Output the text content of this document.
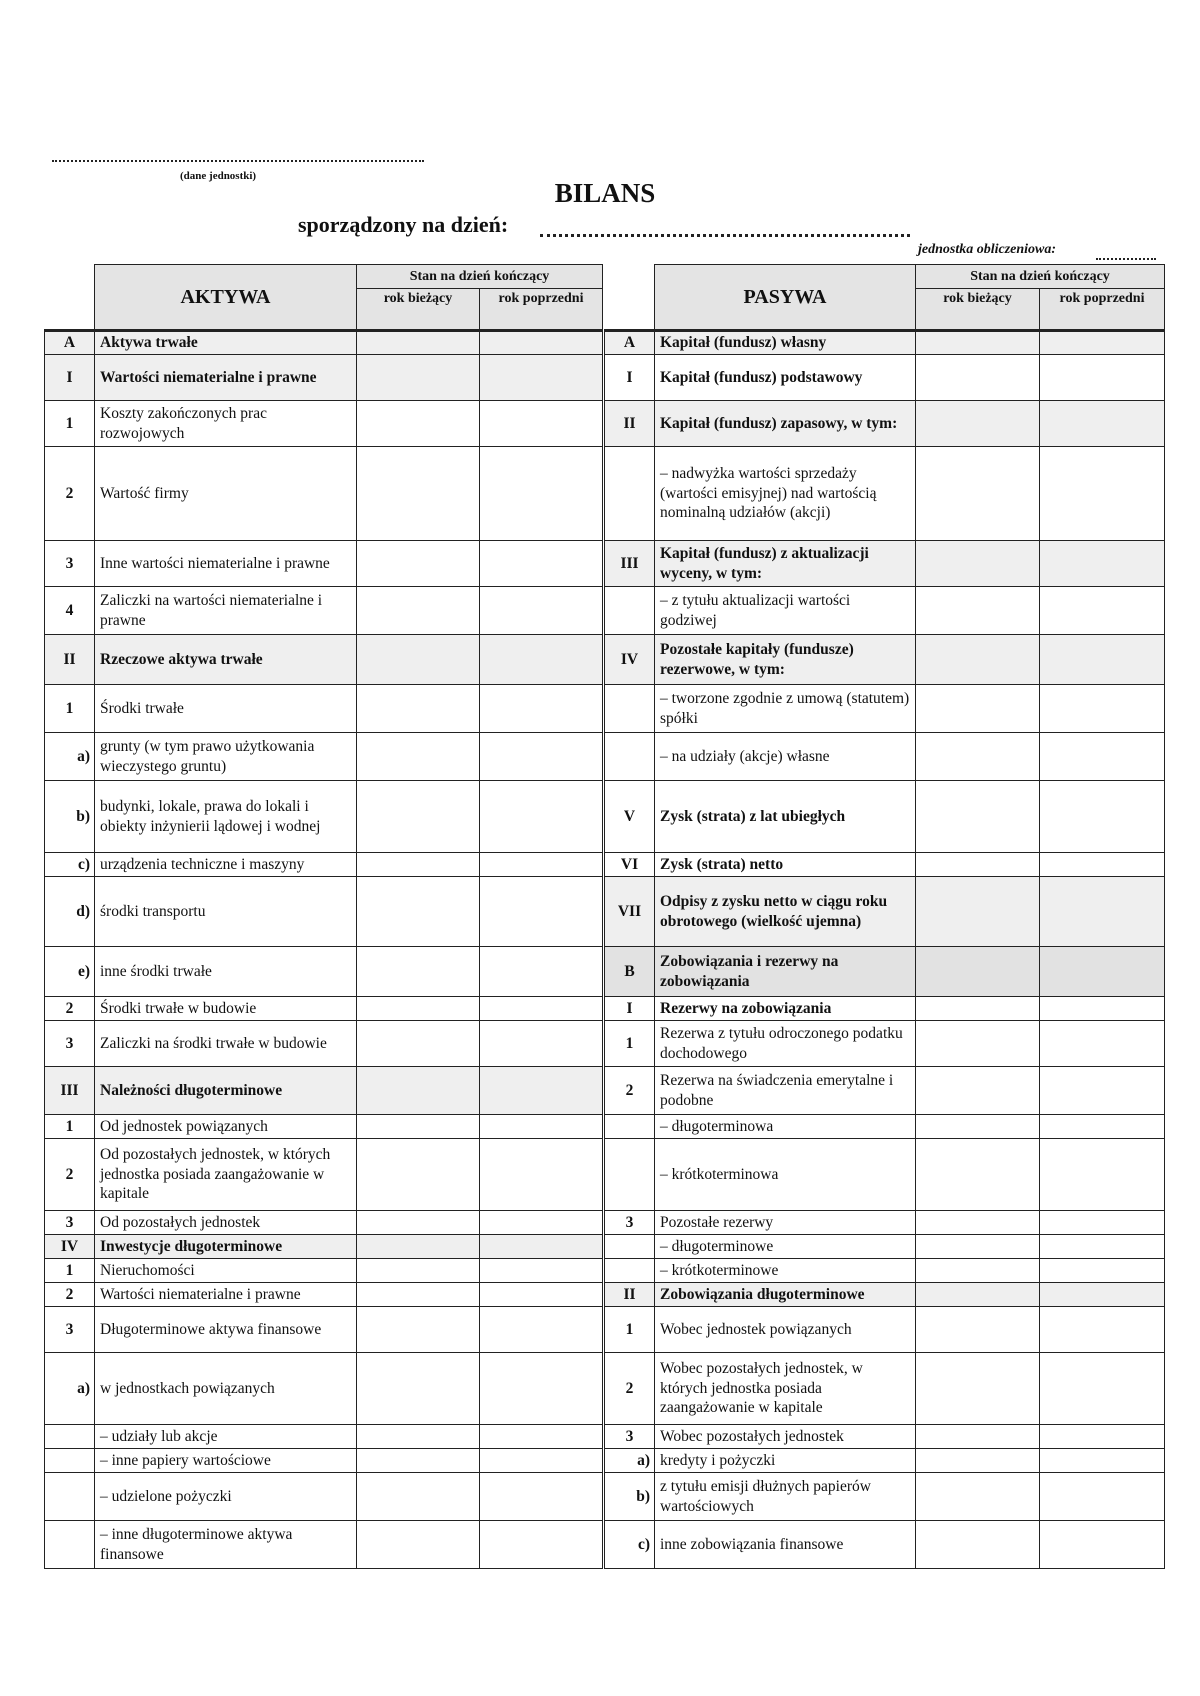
(dane jednostki)
BILANS
sporządzony na dzień:
jednostka obliczeniowa:
	AKTYWA	Stan na dzień kończący	
		rok bieżący	rok poprzedni
A	Aktywa trwałe		
I	Wartości niematerialne i prawne		
1	Koszty zakończonych prac rozwojowych		
2	Wartość firmy		
3	Inne wartości niematerialne i prawne		
4	Zaliczki na wartości niematerialne i prawne		
II	Rzeczowe aktywa trwałe		
1	Środki trwałe		
a)	grunty (w tym prawo użytkowania wieczystego gruntu)		
b)	budynki, lokale, prawa do lokali i obiekty inżynierii lądowej i wodnej		
c)	urządzenia techniczne i maszyny		
d)	środki transportu		
e)	inne środki trwałe		
2	Środki trwałe w budowie		
3	Zaliczki na środki trwałe w budowie		
III	Należności długoterminowe		
1	Od jednostek powiązanych		
2	Od pozostałych jednostek, w których jednostka posiada zaangażowanie w kapitale		
3	Od pozostałych jednostek		
IV	Inwestycje długoterminowe		
1	Nieruchomości		
2	Wartości niematerialne i prawne		
3	Długoterminowe aktywa finansowe		
a)	w jednostkach powiązanych		
	– udziały lub akcje		
	– inne papiery wartościowe		
	– udzielone pożyczki		
	– inne długoterminowe aktywa finansowe		
	PASYWA	Stan na dzień kończący	
		rok bieżący	rok poprzedni
A	Kapitał (fundusz) własny		
I	Kapitał (fundusz) podstawowy		
II	Kapitał (fundusz) zapasowy, w tym:		
	– nadwyżka wartości sprzedaży (wartości emisyjnej) nad wartością nominalną udziałów (akcji)		
III	Kapitał (fundusz) z aktualizacji wyceny, w tym:		
	– z tytułu aktualizacji wartości godziwej		
IV	Pozostałe kapitały (fundusze) rezerwowe, w tym:		
	– tworzone zgodnie z umową (statutem) spółki		
	– na udziały (akcje) własne		
V	Zysk (strata) z lat ubiegłych		
VI	Zysk (strata) netto		
VII	Odpisy z zysku netto w ciągu roku obrotowego (wielkość ujemna)		
B	Zobowiązania i rezerwy na zobowiązania		
I	Rezerwy na zobowiązania		
1	Rezerwa z tytułu odroczonego podatku dochodowego		
2	Rezerwa na świadczenia emerytalne i podobne		
	– długoterminowa		
	– krótkoterminowa		
3	Pozostałe rezerwy		
	– długoterminowe		
	– krótkoterminowe		
II	Zobowiązania długoterminowe		
1	Wobec jednostek powiązanych		
2	Wobec pozostałych jednostek, w których jednostka posiada zaangażowanie w kapitale		
3	Wobec pozostałych jednostek		
a)	kredyty i pożyczki		
b)	z tytułu emisji dłużnych papierów wartościowych		
c)	inne zobowiązania finansowe		
